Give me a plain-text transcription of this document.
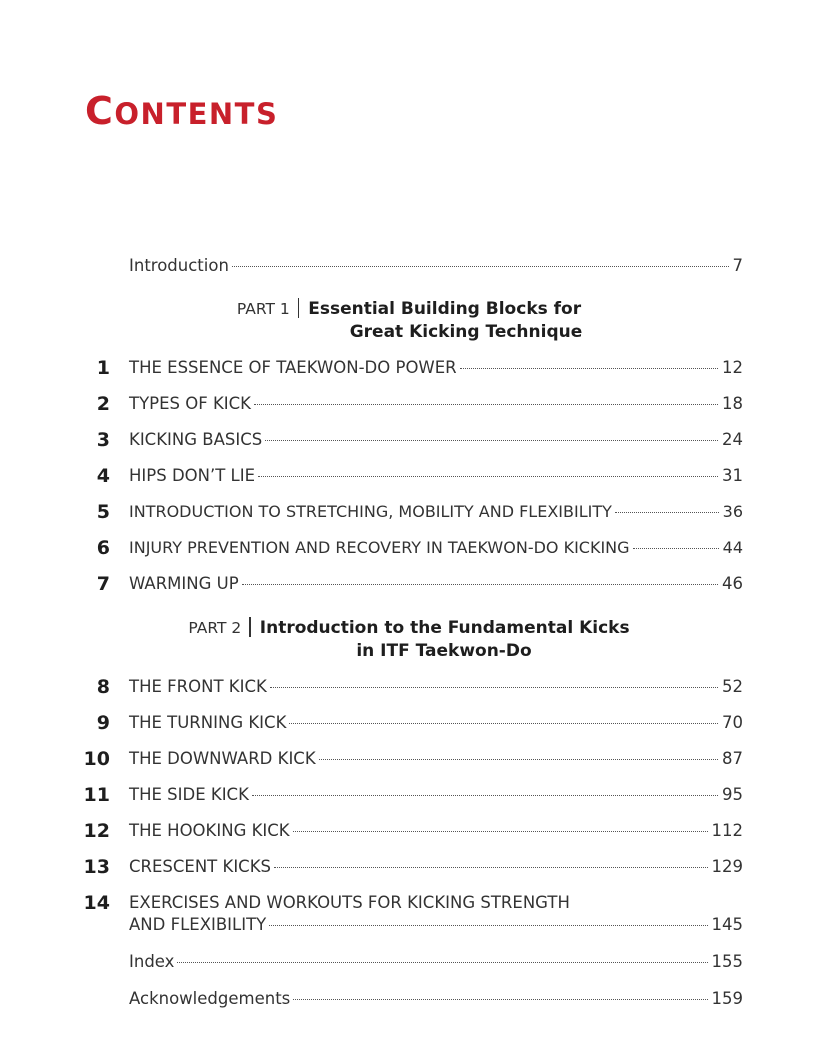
CONTENTS
Introduction	7
PART 1 Essential Building Blocks for
Great Kicking Technique
1 THE ESSENCE OF TAEKWON-DO POWER	12
2 TYPES OF KICK	18
3 KICKING BASICS	24
4 HIPS DON’T LIE	31
5 INTRODUCTION TO STRETCHING, MOBILITY AND FLEXIBILITY	36
6 INJURY PREVENTION AND RECOVERY IN TAEKWON-DO KICKING	44
7 WARMING UP	46
PART 2 Introduction to the Fundamental Kicks
in ITF Taekwon-Do
8 THE FRONT KICK	52
9 THE TURNING KICK	70
10 THE DOWNWARD KICK	87
11 THE SIDE KICK	95
12 THE HOOKING KICK	112
13 CRESCENT KICKS	129
14 EXERCISES AND WORKOUTS FOR KICKING STRENGTH
AND FLEXIBILITY	145
Index	155
Acknowledgements	159
